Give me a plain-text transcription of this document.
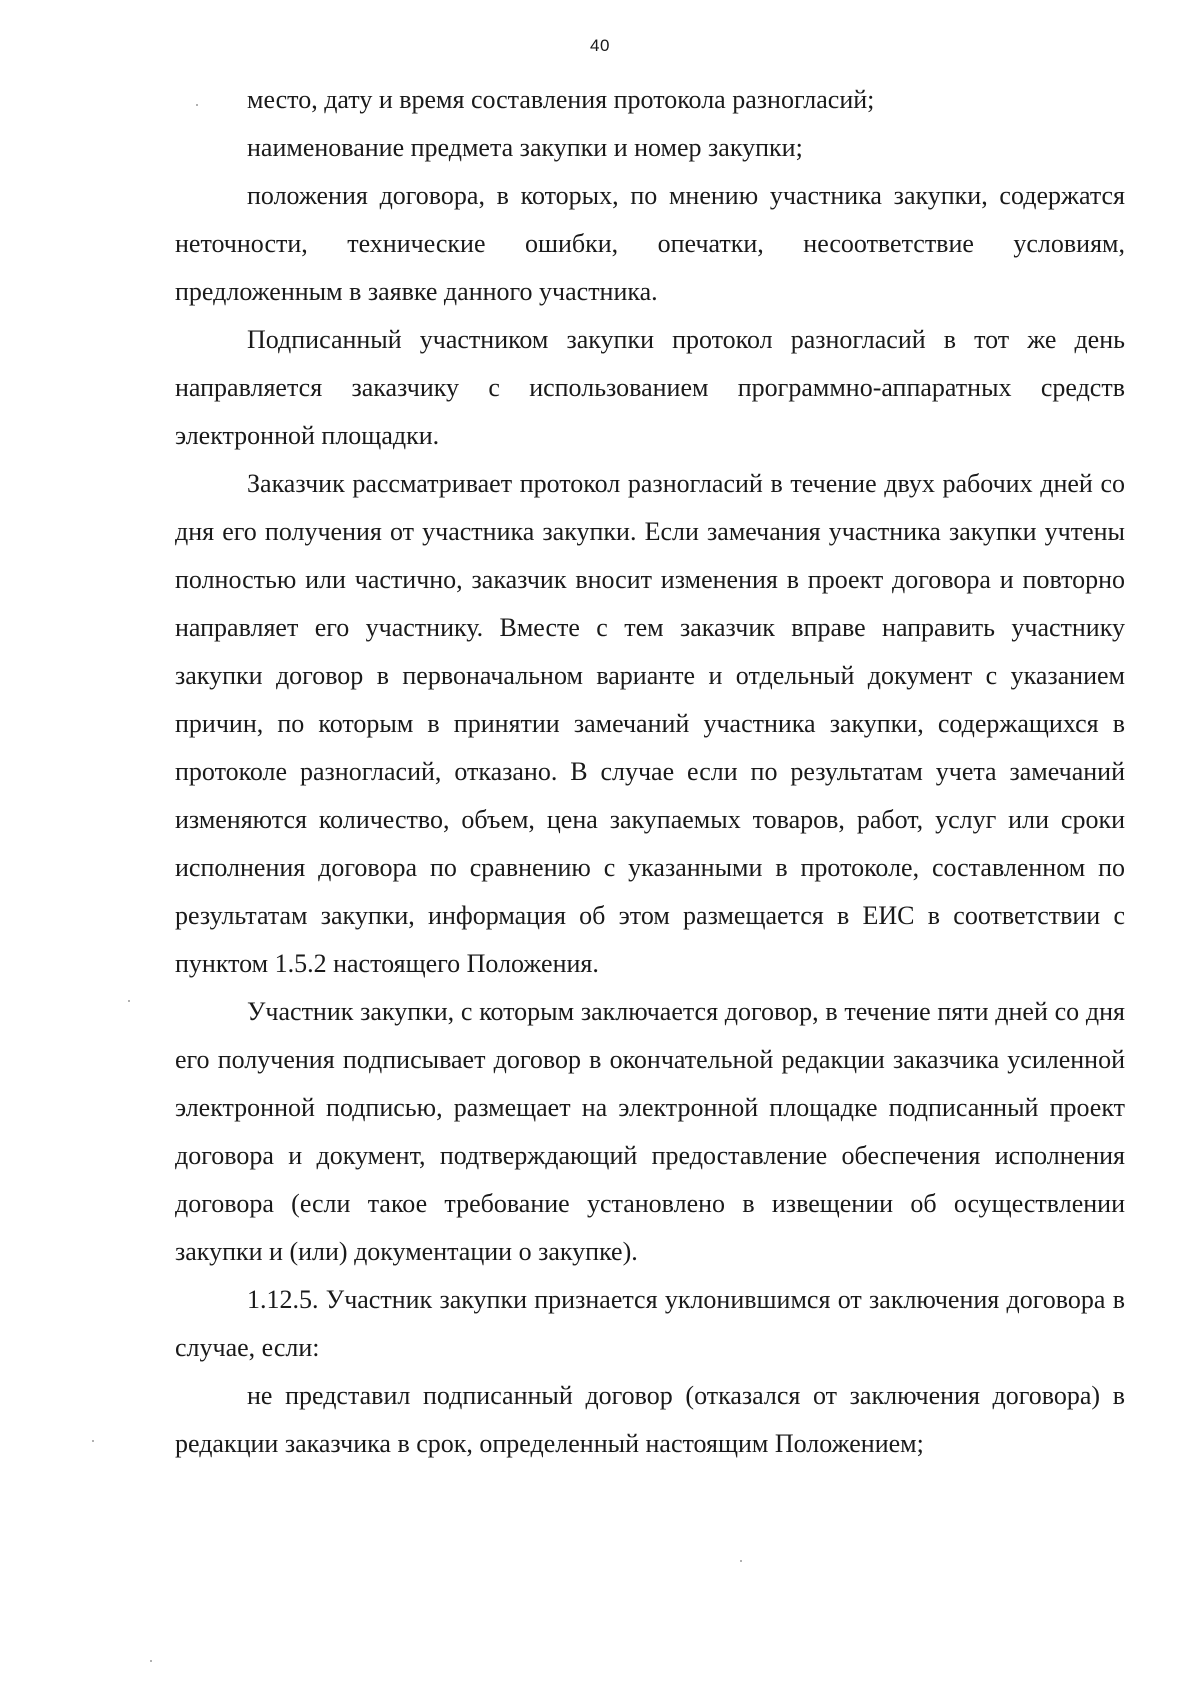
40

место, дату и время составления протокола разногласий;

наименование предмета закупки и номер закупки;

положения договора, в которых, по мнению участника закупки, содержатся неточности, технические ошибки, опечатки, несоответствие условиям, предложенным в заявке данного участника.

Подписанный участником закупки протокол разногласий в тот же день направляется заказчику с использованием программно-аппаратных средств электронной площадки.

Заказчик рассматривает протокол разногласий в течение двух рабочих дней со дня его получения от участника закупки. Если замечания участника закупки учтены полностью или частично, заказчик вносит изменения в проект договора и повторно направляет его участнику. Вместе с тем заказчик вправе направить участнику закупки договор в первоначальном варианте и отдельный документ с указанием причин, по которым в принятии замечаний участника закупки, содержащихся в протоколе разногласий, отказано. В случае если по результатам учета замечаний изменяются количество, объем, цена закупаемых товаров, работ, услуг или сроки исполнения договора по сравнению с указанными в протоколе, составленном по результатам закупки, информация об этом размещается в ЕИС в соответствии с пунктом 1.5.2 настоящего Положения.

Участник закупки, с которым заключается договор, в течение пяти дней со дня его получения подписывает договор в окончательной редакции заказчика усиленной электронной подписью, размещает на электронной площадке подписанный проект договора и документ, подтверждающий предоставление обеспечения исполнения договора (если такое требование установлено в извещении об осуществлении закупки и (или) документации о закупке).

1.12.5. Участник закупки признается уклонившимся от заключения договора в случае, если:

не представил подписанный договор (отказался от заключения договора) в редакции заказчика в срок, определенный настоящим Положением;
